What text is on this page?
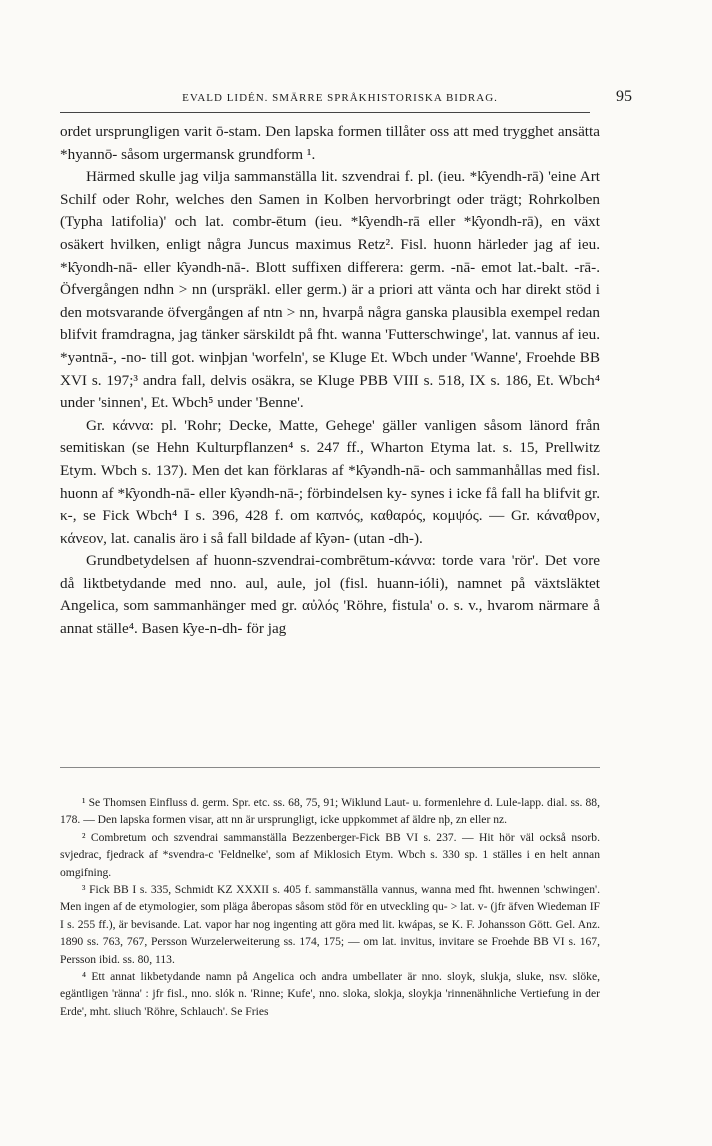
EVALD LIDÉN. SMÄRRE SPRÅKHISTORISKA BIDRAG.	95

ordet ursprungligen varit ō-stam. Den lapska formen tillåter oss att med trygghet ansätta *hyannō- såsom urgermansk grundform ¹.

Härmed skulle jag vilja sammanställa lit. szvendrai f. pl. (ieu. *k̑yendh-rā) 'eine Art Schilf oder Rohr, welches den Samen in Kolben hervorbringt oder trägt; Rohrkolben (Typha latifolia)' och lat. combr-ētum (ieu. *k̑yendh-rā eller *k̑yondh-rā), en växt osäkert hvilken, enligt några Juncus maximus Retz². Fisl. huonn härleder jag af ieu. *k̑yondh-nā- eller k̑yəndh-nā-. Blott suffixen differera: germ. -nā- emot lat.-balt. -rā-. Öfvergången ndhn > nn (urspräkl. eller germ.) är a priori att vänta och har direkt stöd i den motsvarande öfvergången af ntn > nn, hvarpå några ganska plausibla exempel redan blifvit framdragna, jag tänker särskildt på fht. wanna 'Futterschwinge', lat. vannus af ieu. *yəntnā-, -no- till got. winþjan 'worfeln', se Kluge Et. Wbch under 'Wanne', Froehde BB XVI s. 197;³ andra fall, delvis osäkra, se Kluge PBB VIII s. 518, IX s. 186, Et. Wbch⁴ under 'sinnen', Et. Wbch⁵ under 'Benne'.

Gr. κάννα: pl. 'Rohr; Decke, Matte, Gehege' gäller vanligen såsom länord från semitiskan (se Hehn Kulturpflanzen⁴ s. 247 ff., Wharton Etyma lat. s. 15, Prellwitz Etym. Wbch s. 137). Men det kan förklaras af *k̑yəndh-nā- och sammanhållas med fisl. huonn af *k̑yondh-nā- eller k̑yəndh-nā-; förbindelsen ky- synes i icke få fall ha blifvit gr. κ-, se Fick Wbch⁴ I s. 396, 428 f. om καπνός, καθαρός, κομψός. — Gr. κάναθρον, κάνεον, lat. canalis äro i så fall bildade af k̑yən- (utan -dh-).

Grundbetydelsen af huonn-szvendrai-combrētum-κάννα: torde vara 'rör'. Det vore då liktbetydande med nno. aul, aule, jol (fisl. huann-ióli), namnet på växtsläktet Angelica, som sammanhänger med gr. αὐλός 'Röhre, fistula' o. s. v., hvarom närmare å annat ställe⁴. Basen k̑ye-n-dh- för jag

¹ Se Thomsen Einfluss d. germ. Spr. etc. ss. 68, 75, 91; Wiklund Laut- u. formenlehre d. Lule-lapp. dial. ss. 88, 178. — Den lapska formen visar, att nn är ursprungligt, icke uppkommet af äldre nþ, zn eller nz.

² Combretum och szvendrai sammanställa Bezzenberger-Fick BB VI s. 237. — Hit hör väl också nsorb. svjedrac, fjedrack af *svendra-c 'Feldnelke', som af Miklosich Etym. Wbch s. 330 sp. 1 ställes i en helt annan omgifning.

³ Fick BB I s. 335, Schmidt KZ XXXII s. 405 f. sammanställa vannus, wanna med fht. hwennen 'schwingen'. Men ingen af de etymologier, som pläga åberopas såsom stöd för en utveckling qu- > lat. v- (jfr äfven Wiedeman IF I s. 255 ff.), är bevisande. Lat. vapor har nog ingenting att göra med lit. kwápas, se K. F. Johansson Gött. Gel. Anz. 1890 ss. 763, 767, Persson Wurzelerweiterung ss. 174, 175; — om lat. invitus, invitare se Froehde BB VI s. 167, Persson ibid. ss. 80, 113.

⁴ Ett annat likbetydande namn på Angelica och andra umbellater är nno. sloyk, slukja, sluke, nsv. slöke, egäntligen 'ränna' : jfr fisl., nno. slók n. 'Rinne; Kufe', nno. sloka, slokja, sloykja 'rinnenähnliche Vertiefung in der Erde', mht. sliuch 'Röhre, Schlauch'. Se Fries
